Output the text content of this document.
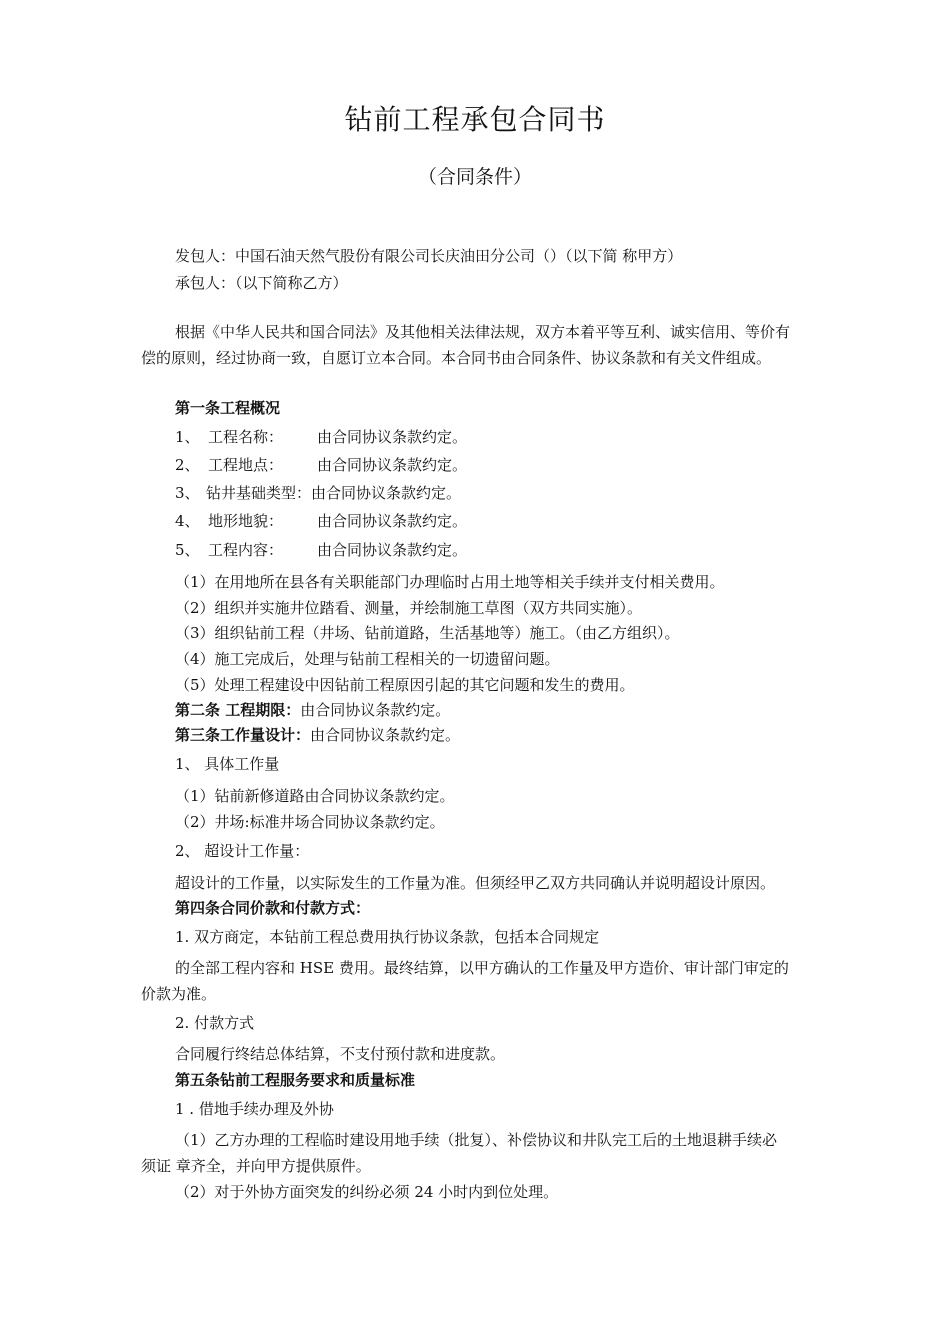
钻前工程承包合同书
（合同条件）
发包人：中国石油天然气股份有限公司长庆油田分公司（）（以下简 称甲方）
承包人：（以下简称乙方）
根据《中华人民共和国合同法》及其他相关法律法规，双方本着平等互利、诚实信用、等价有
偿的原则，经过协商一致，自愿订立本合同。本合同书由合同条件、协议条款和有关文件组成。
第一条工程概况
1、 工程名称： 由合同协议条款约定。
2、 工程地点： 由合同协议条款约定。
3、 钻井基础类型：由合同协议条款约定。
4、 地形地貌： 由合同协议条款约定。
5、 工程内容： 由合同协议条款约定。
（1）在用地所在县各有关职能部门办理临时占用土地等相关手续并支付相关费用。
（2）组织并实施井位踏看、测量，并绘制施工草图（双方共同实施）。
（3）组织钻前工程（井场、钻前道路，生活基地等）施工。（由乙方组织）。
（4）施工完成后，处理与钻前工程相关的一切遗留问题。
（5）处理工程建设中因钻前工程原因引起的其它问题和发生的费用。
第二条 工程期限：由合同协议条款约定。
第三条工作量设计：由合同协议条款约定。
1、 具体工作量
（1）钻前新修道路由合同协议条款约定。
（2）井场:标准井场合同协议条款约定。
2、 超设计工作量：
超设计的工作量，以实际发生的工作量为准。但须经甲乙双方共同确认并说明超设计原因。
第四条合同价款和付款方式：
1. 双方商定，本钻前工程总费用执行协议条款，包括本合同规定
的全部工程内容和 HSE 费用。最终结算，以甲方确认的工作量及甲方造价、审计部门审定的
价款为准。
2. 付款方式
合同履行终结总体结算，不支付预付款和进度款。
第五条钻前工程服务要求和质量标准
1 . 借地手续办理及外协
（1）乙方办理的工程临时建设用地手续（批复）、补偿协议和井队完工后的土地退耕手续必
须证 章齐全，并向甲方提供原件。
（2）对于外协方面突发的纠纷必须 24 小时内到位处理。
